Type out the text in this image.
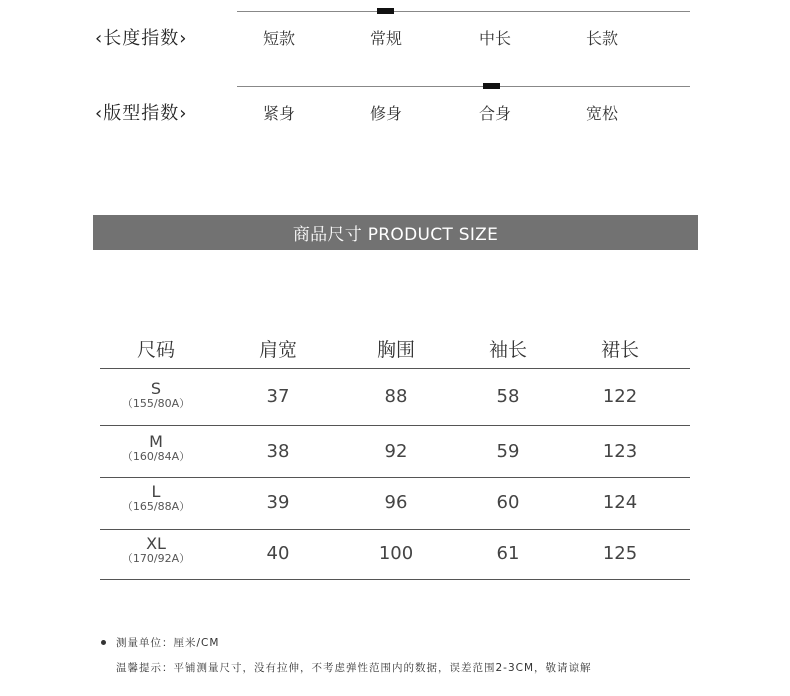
‹长度指数›	短款	常规	中长	长款
‹版型指数›	紧身	修身	合身	宽松
商品尺寸 PRODUCT SIZE
尺码	肩宽	胸围	袖长	裙长
S
（155/80A）	37	88	58	122
M
（160/84A）	38	92	59	123
L
（165/88A）	39	96	60	124
XL
（170/92A）	40	100	61	125
测量单位：厘米/CM
温馨提示：平铺测量尺寸，没有拉伸，不考虑弹性范围内的数据，误差范围2-3CM，敬请谅解
